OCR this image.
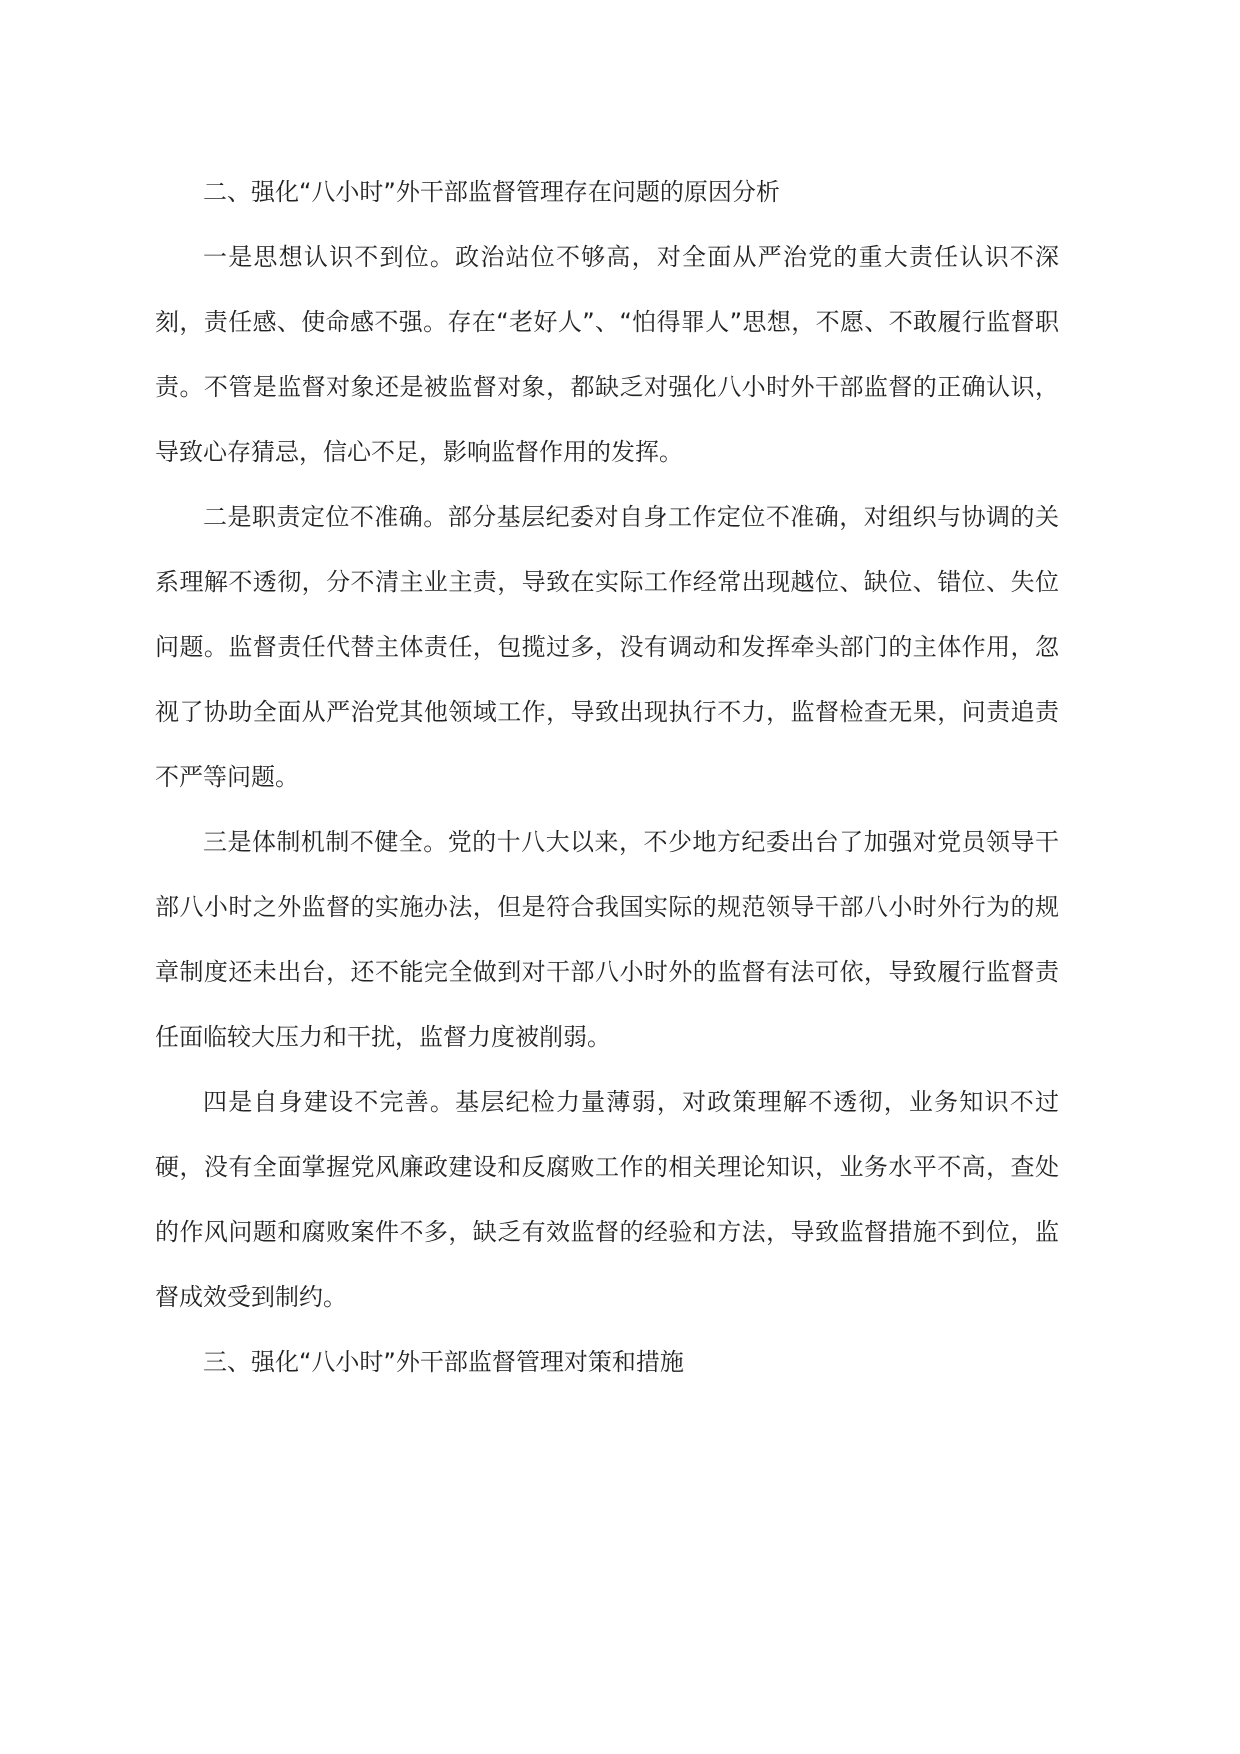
二、强化“八小时”外干部监督管理存在问题的原因分析

一是思想认识不到位。政治站位不够高，对全面从严治党的重大责任认识不深刻，责任感、使命感不强。存在“老好人”、“怕得罪人”思想，不愿、不敢履行监督职责。不管是监督对象还是被监督对象，都缺乏对强化八小时外干部监督的正确认识，导致心存猜忌，信心不足，影响监督作用的发挥。

二是职责定位不准确。部分基层纪委对自身工作定位不准确，对组织与协调的关系理解不透彻，分不清主业主责，导致在实际工作经常出现越位、缺位、错位、失位问题。监督责任代替主体责任，包揽过多，没有调动和发挥牵头部门的主体作用，忽视了协助全面从严治党其他领域工作，导致出现执行不力，监督检查无果，问责追责不严等问题。

三是体制机制不健全。党的十八大以来，不少地方纪委出台了加强对党员领导干部八小时之外监督的实施办法，但是符合我国实际的规范领导干部八小时外行为的规章制度还未出台，还不能完全做到对干部八小时外的监督有法可依，导致履行监督责任面临较大压力和干扰，监督力度被削弱。

四是自身建设不完善。基层纪检力量薄弱，对政策理解不透彻，业务知识不过硬，没有全面掌握党风廉政建设和反腐败工作的相关理论知识，业务水平不高，查处的作风问题和腐败案件不多，缺乏有效监督的经验和方法，导致监督措施不到位，监督成效受到制约。

三、强化“八小时”外干部监督管理对策和措施
